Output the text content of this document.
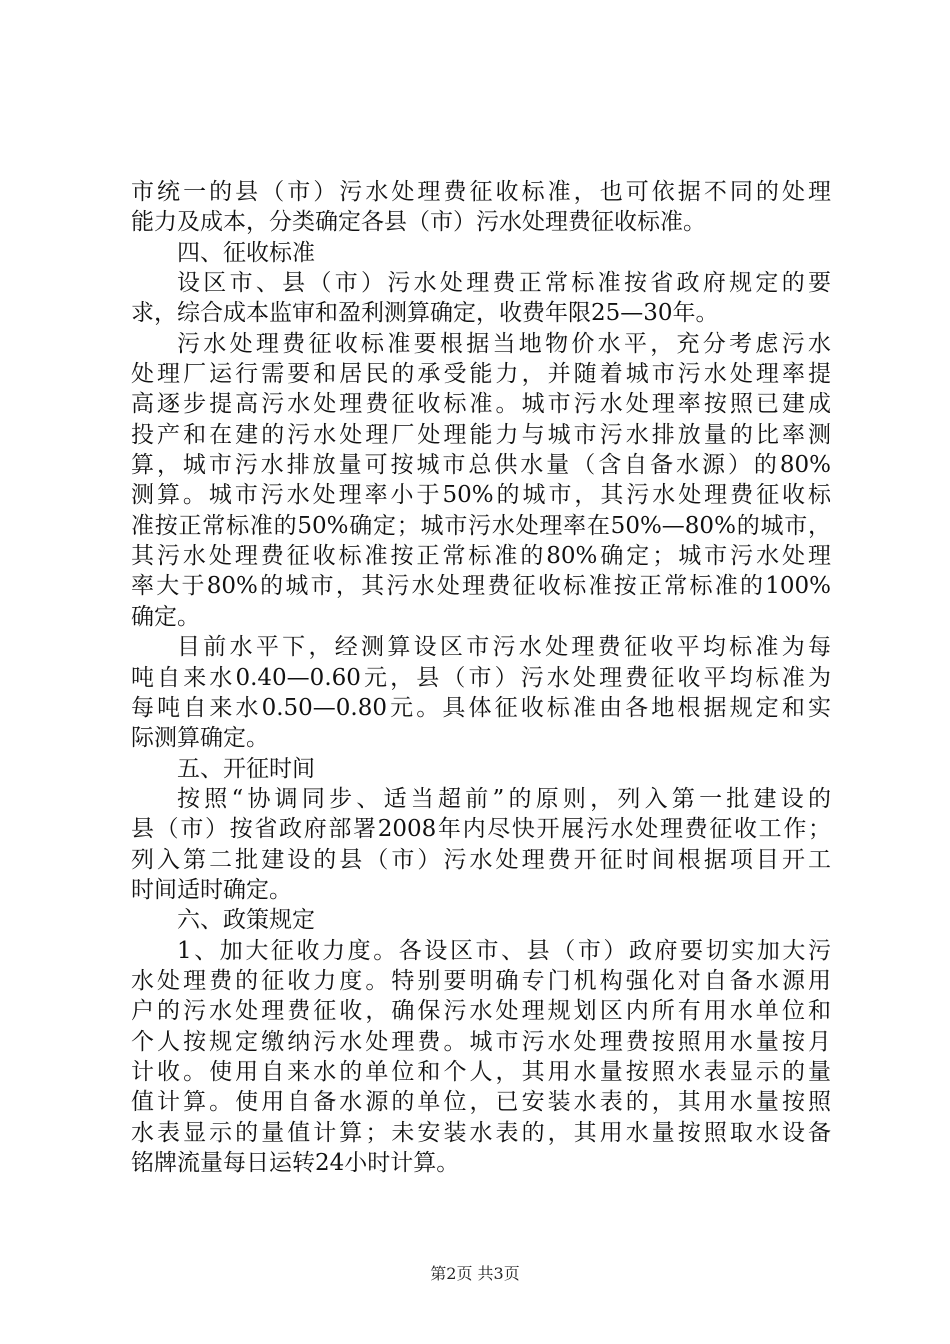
市统一的县（市）污水处理费征收标准，也可依据不同的处理
能力及成本，分类确定各县（市）污水处理费征收标准。
四、征收标准
设区市、县（市）污水处理费正常标准按省政府规定的要
求，综合成本监审和盈利测算确定，收费年限25—30年。
污水处理费征收标准要根据当地物价水平，充分考虑污水
处理厂运行需要和居民的承受能力，并随着城市污水处理率提
高逐步提高污水处理费征收标准。城市污水处理率按照已建成
投产和在建的污水处理厂处理能力与城市污水排放量的比率测
算，城市污水排放量可按城市总供水量（含自备水源）的80%
测算。城市污水处理率小于50%的城市，其污水处理费征收标
准按正常标准的50%确定；城市污水处理率在50%—80%的城市，
其污水处理费征收标准按正常标准的80%确定；城市污水处理
率大于80%的城市，其污水处理费征收标准按正常标准的100%
确定。
目前水平下，经测算设区市污水处理费征收平均标准为每
吨自来水0.40—0.60元，县（市）污水处理费征收平均标准为
每吨自来水0.50—0.80元。具体征收标准由各地根据规定和实
际测算确定。
五、开征时间
按照“协调同步、适当超前”的原则，列入第一批建设的
县（市）按省政府部署2008年内尽快开展污水处理费征收工作；
列入第二批建设的县（市）污水处理费开征时间根据项目开工
时间适时确定。
六、政策规定
1、加大征收力度。各设区市、县（市）政府要切实加大污
水处理费的征收力度。特别要明确专门机构强化对自备水源用
户的污水处理费征收，确保污水处理规划区内所有用水单位和
个人按规定缴纳污水处理费。城市污水处理费按照用水量按月
计收。使用自来水的单位和个人，其用水量按照水表显示的量
值计算。使用自备水源的单位，已安装水表的，其用水量按照
水表显示的量值计算；未安装水表的，其用水量按照取水设备
铭牌流量每日运转24小时计算。
第2页 共3页
